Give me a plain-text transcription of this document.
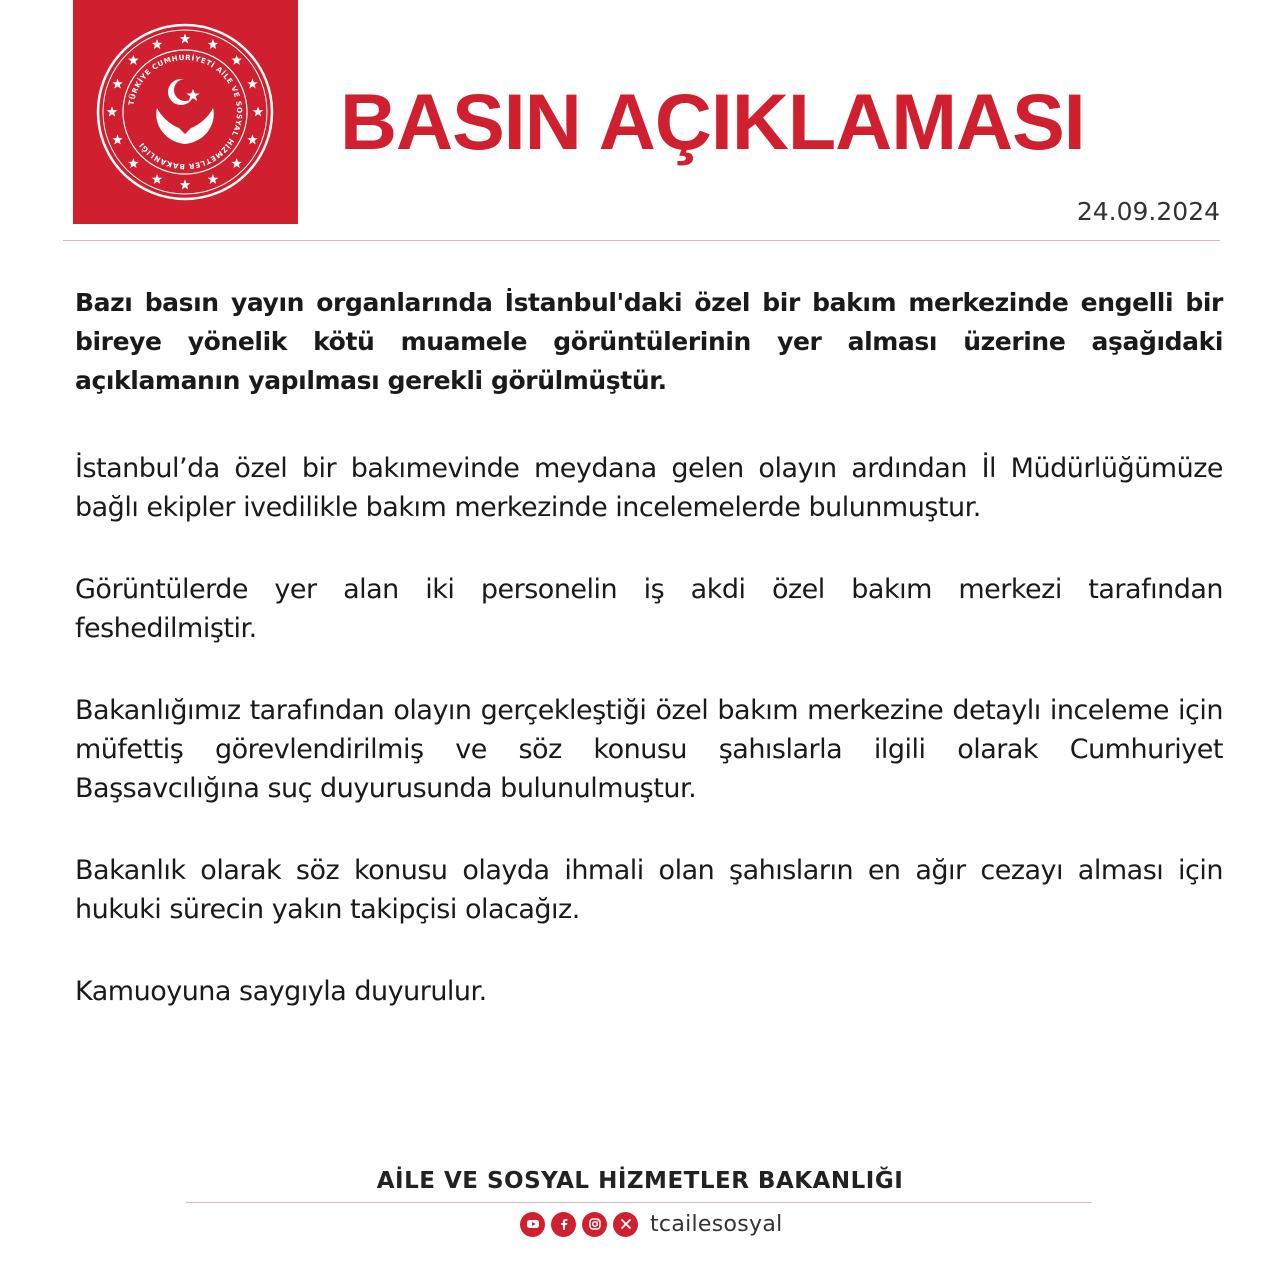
TÜRKİYE CUMHURİYETİ AİLE VE SOSYAL HİZMETLER BAKANLIĞI	BASIN AÇIKLAMASI
24.09.2024

Bazı basın yayın organlarında İstanbul'daki özel bir bakım merkezinde engelli bir bireye yönelik kötü muamele görüntülerinin yer alması üzerine aşağıdaki açıklamanın yapılması gerekli görülmüştür.

İstanbul’da özel bir bakımevinde meydana gelen olayın ardından İl Müdürlüğümüze bağlı ekipler ivedilikle bakım merkezinde incelemelerde bulunmuştur.

Görüntülerde yer alan iki personelin iş akdi özel bakım merkezi tarafından feshedilmiştir.

Bakanlığımız tarafından olayın gerçekleştiği özel bakım merkezine detaylı inceleme için müfettiş görevlendirilmiş ve söz konusu şahıslarla ilgili olarak Cumhuriyet Başsavcılığına suç duyurusunda bulunulmuştur.

Bakanlık olarak söz konusu olayda ihmali olan şahısların en ağır cezayı alması için hukuki sürecin yakın takipçisi olacağız.

Kamuoyuna saygıyla duyurulur.

AİLE VE SOSYAL HİZMETLER BAKANLIĞI
tcailesosyal
